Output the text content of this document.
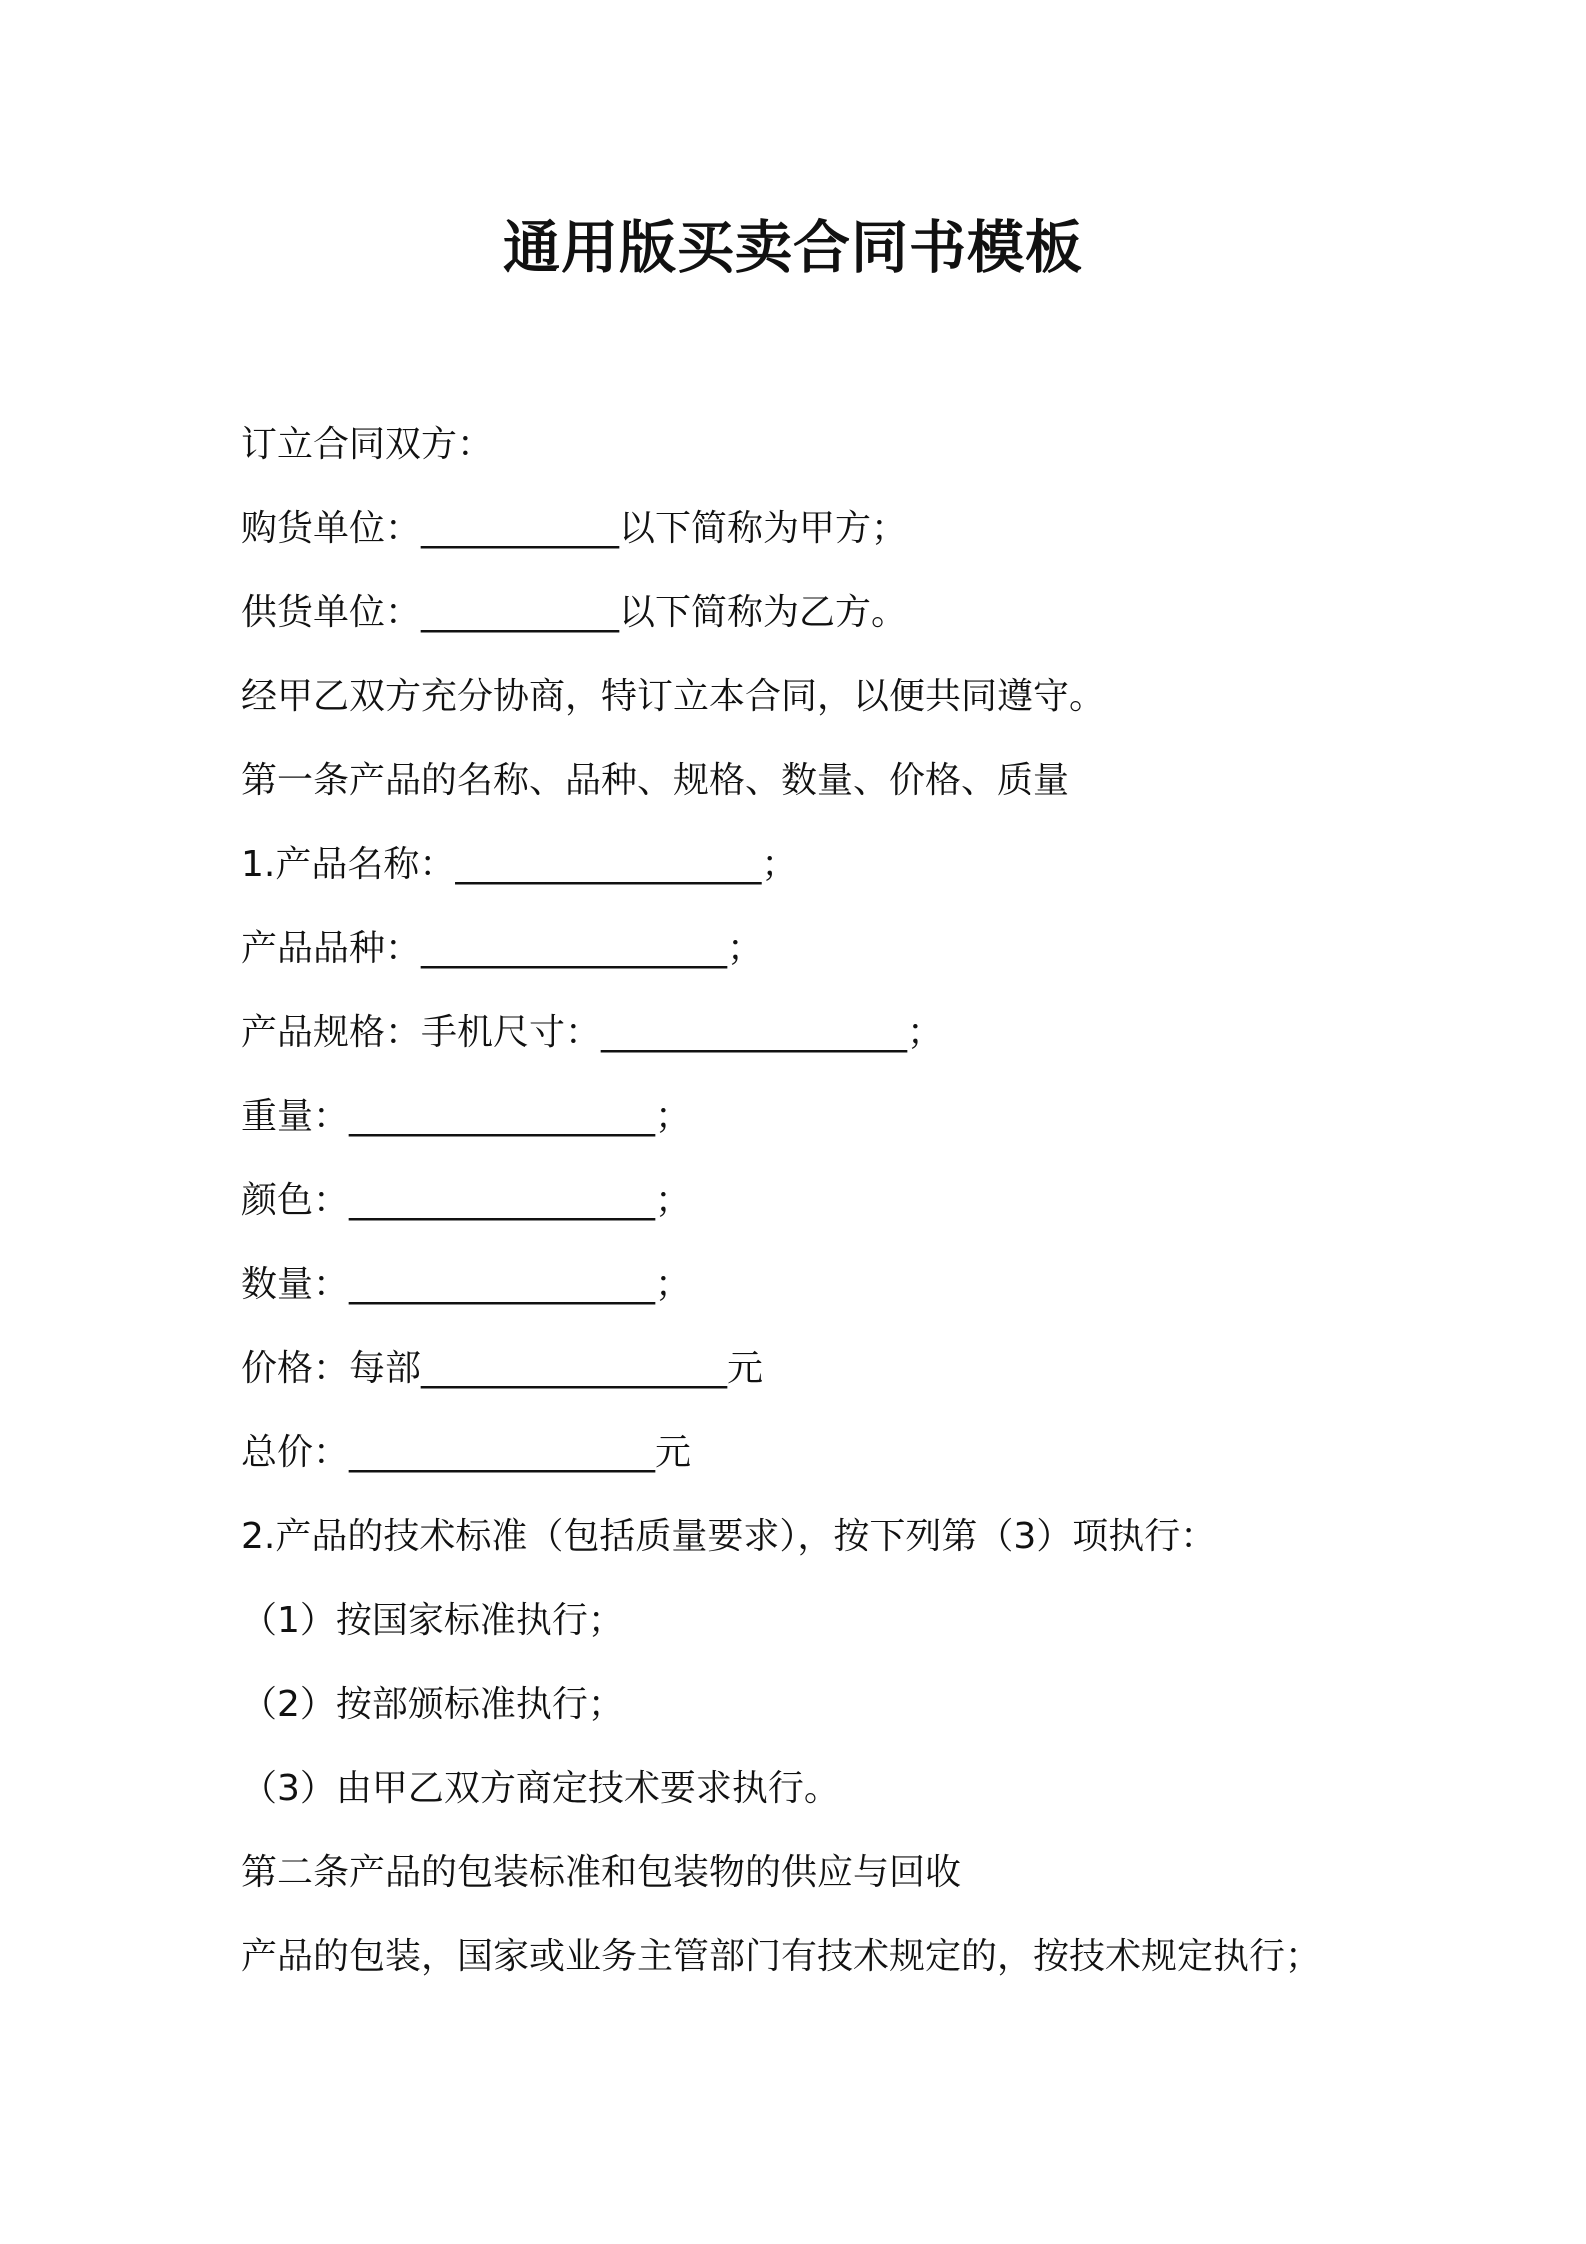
通用版买卖合同书模板
订立合同双方：
购货单位：___________以下简称为甲方；
供货单位：___________以下简称为乙方。
经甲乙双方充分协商，特订立本合同，以便共同遵守。
第一条产品的名称、品种、规格、数量、价格、质量
1.产品名称：_________________；
产品品种：_________________；
产品规格：手机尺寸：_________________；
重量：_________________；
颜色：_________________；
数量：_________________；
价格：每部_________________元
总价：_________________元
2.产品的技术标准（包括质量要求），按下列第（3）项执行：
（1）按国家标准执行；
（2）按部颁标准执行；
（3）由甲乙双方商定技术要求执行。
第二条产品的包装标准和包装物的供应与回收
产品的包装，国家或业务主管部门有技术规定的，按技术规定执行；
